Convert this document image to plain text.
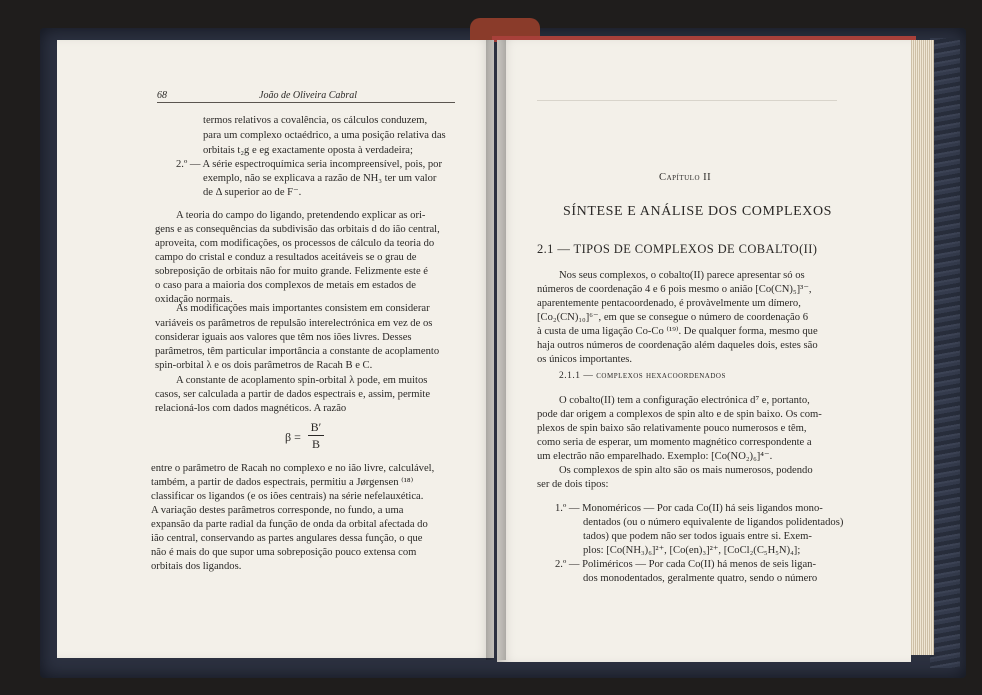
68	João de Oliveira Cabral
termos relativos a covalência, os cálculos conduzem,
para um complexo octaédrico, a uma posição relativa das
orbitais t₂g e eg exactamente oposta à verdadeira;
2.º — A série espectroquímica seria incompreensível, pois, por
exemplo, não se explicava a razão de NH₃ ter um valor
de Δ superior ao de F⁻.
A teoria do campo do ligando, pretendendo explicar as ori-
gens e as consequências da subdivisão das orbitais d do ião central,
aproveita, com modificações, os processos de cálculo da teoria do
campo do cristal e conduz a resultados aceitáveis se o grau de
sobreposição de orbitais não for muito grande. Felizmente este é
o caso para a maioria dos complexos de metais em estados de
oxidação normais.
As modificações mais importantes consistem em considerar
variáveis os parâmetros de repulsão interelectrónica em vez de os
considerar iguais aos valores que têm nos iões livres. Desses
parâmetros, têm particular importância a constante de acoplamento
spin-orbital λ e os dois parâmetros de Racah B e C.
A constante de acoplamento spin-orbital λ pode, em muitos
casos, ser calculada a partir de dados espectrais e, assim, permite
relacioná-los com dados magnéticos. A razão
β =
B′
B
entre o parâmetro de Racah no complexo e no ião livre, calculável,
também, a partir de dados espectrais, permitiu a Jørgensen ⁽¹⁸⁾
classificar os ligandos (e os iões centrais) na série nefelauxética.
A variação destes parâmetros corresponde, no fundo, a uma
expansão da parte radial da função de onda da orbital afectada do
ião central, conservando as partes angulares dessa função, o que
não é mais do que supor uma sobreposição pouco extensa com
orbitais dos ligandos.
Capítulo II
SÍNTESE E ANÁLISE DOS COMPLEXOS
2.1 — TIPOS DE COMPLEXOS DE COBALTO(II)
Nos seus complexos, o cobalto(II) parece apresentar só os
números de coordenação 4 e 6 pois mesmo o anião [Co(CN)₅]³⁻,
aparentemente pentacoordenado, é provàvelmente um dímero,
[Co₂(CN)₁₀]⁶⁻, em que se consegue o número de coordenação 6
à custa de uma ligação Co-Co ⁽¹⁹⁾. De qualquer forma, mesmo que
haja outros números de coordenação além daqueles dois, estes são
os únicos importantes.
2.1.1 — complexos hexacoordenados
O cobalto(II) tem a configuração electrónica d⁷ e, portanto,
pode dar origem a complexos de spin alto e de spin baixo. Os com-
plexos de spin baixo são relativamente pouco numerosos e têm,
como seria de esperar, um momento magnético correspondente a
um electrão não emparelhado. Exemplo: [Co(NO₂)₆]⁴⁻.
Os complexos de spin alto são os mais numerosos, podendo
ser de dois tipos:
1.º — Monoméricos — Por cada Co(II) há seis ligandos mono-
dentados (ou o número equivalente de ligandos polidentados)
tados) que podem não ser todos iguais entre si. Exem-
plos: [Co(NH₃)₆]²⁺, [Co(en)₃]²⁺, [CoCl₂(C₅H₅N)₄];
2.º — Poliméricos — Por cada Co(II) há menos de seis ligan-
dos monodentados, geralmente quatro, sendo o número
